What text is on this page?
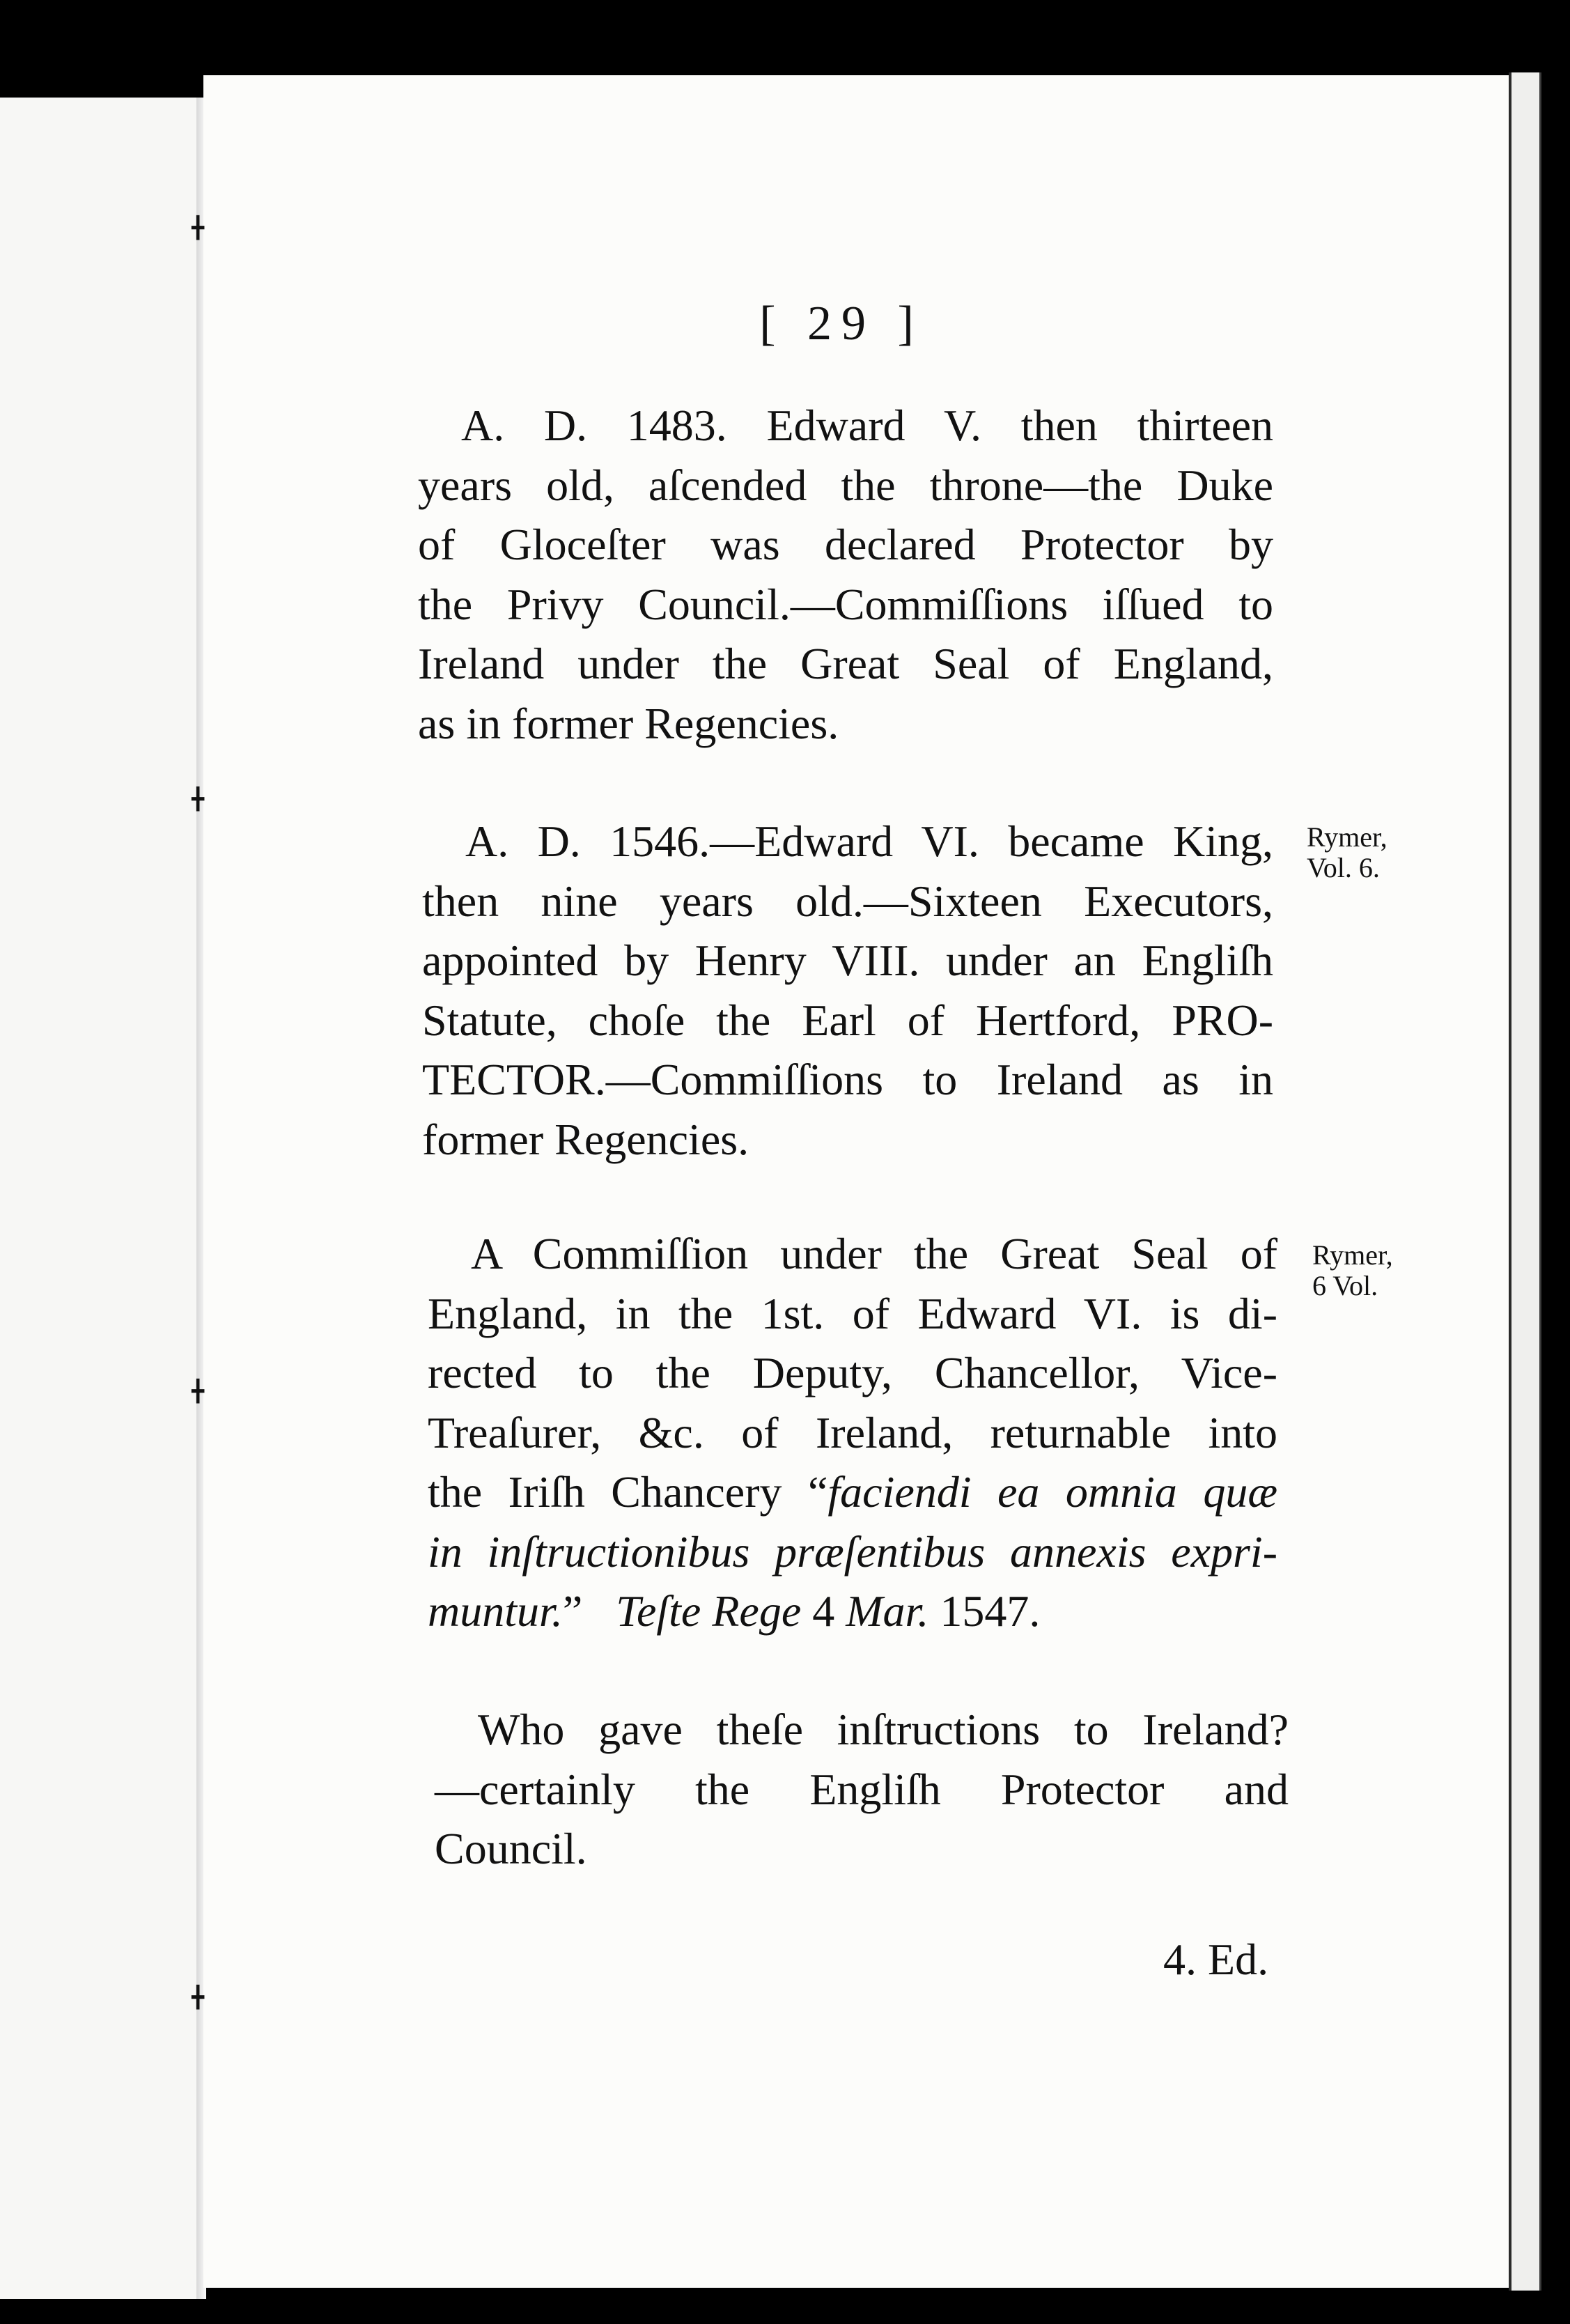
╋
╋
╋
╋
[ 29 ]
A. D. 1483. Edward V. then thirteen
years old, aſcended the throne—the Duke
of Gloceſter was declared Protector by
the Privy Council.—Commiſſions iſſued to
Ireland under the Great Seal of England,
as in former Regencies.
A. D. 1546.—Edward VI. became King,
then nine years old.—Sixteen Executors,
appointed by Henry VIII. under an Engliſh
Statute, choſe the Earl of Hertford, PRO-
TECTOR.—Commiſſions to Ireland as in
former Regencies.
A Commiſſion under the Great Seal of
England, in the 1st. of Edward VI. is di-
rected to the Deputy, Chancellor, Vice-
Treaſurer, &c. of Ireland, returnable into
the Iriſh Chancery “faciendi ea omnia quæ
in inſtructionibus præſentibus annexis expri-
muntur.”   Teſte Rege 4 Mar. 1547.
Who gave theſe inſtructions to Ireland?
—certainly the Engliſh Protector and
Council.
Rymer,
Vol. 6.
Rymer,
6 Vol.
4. Ed.
